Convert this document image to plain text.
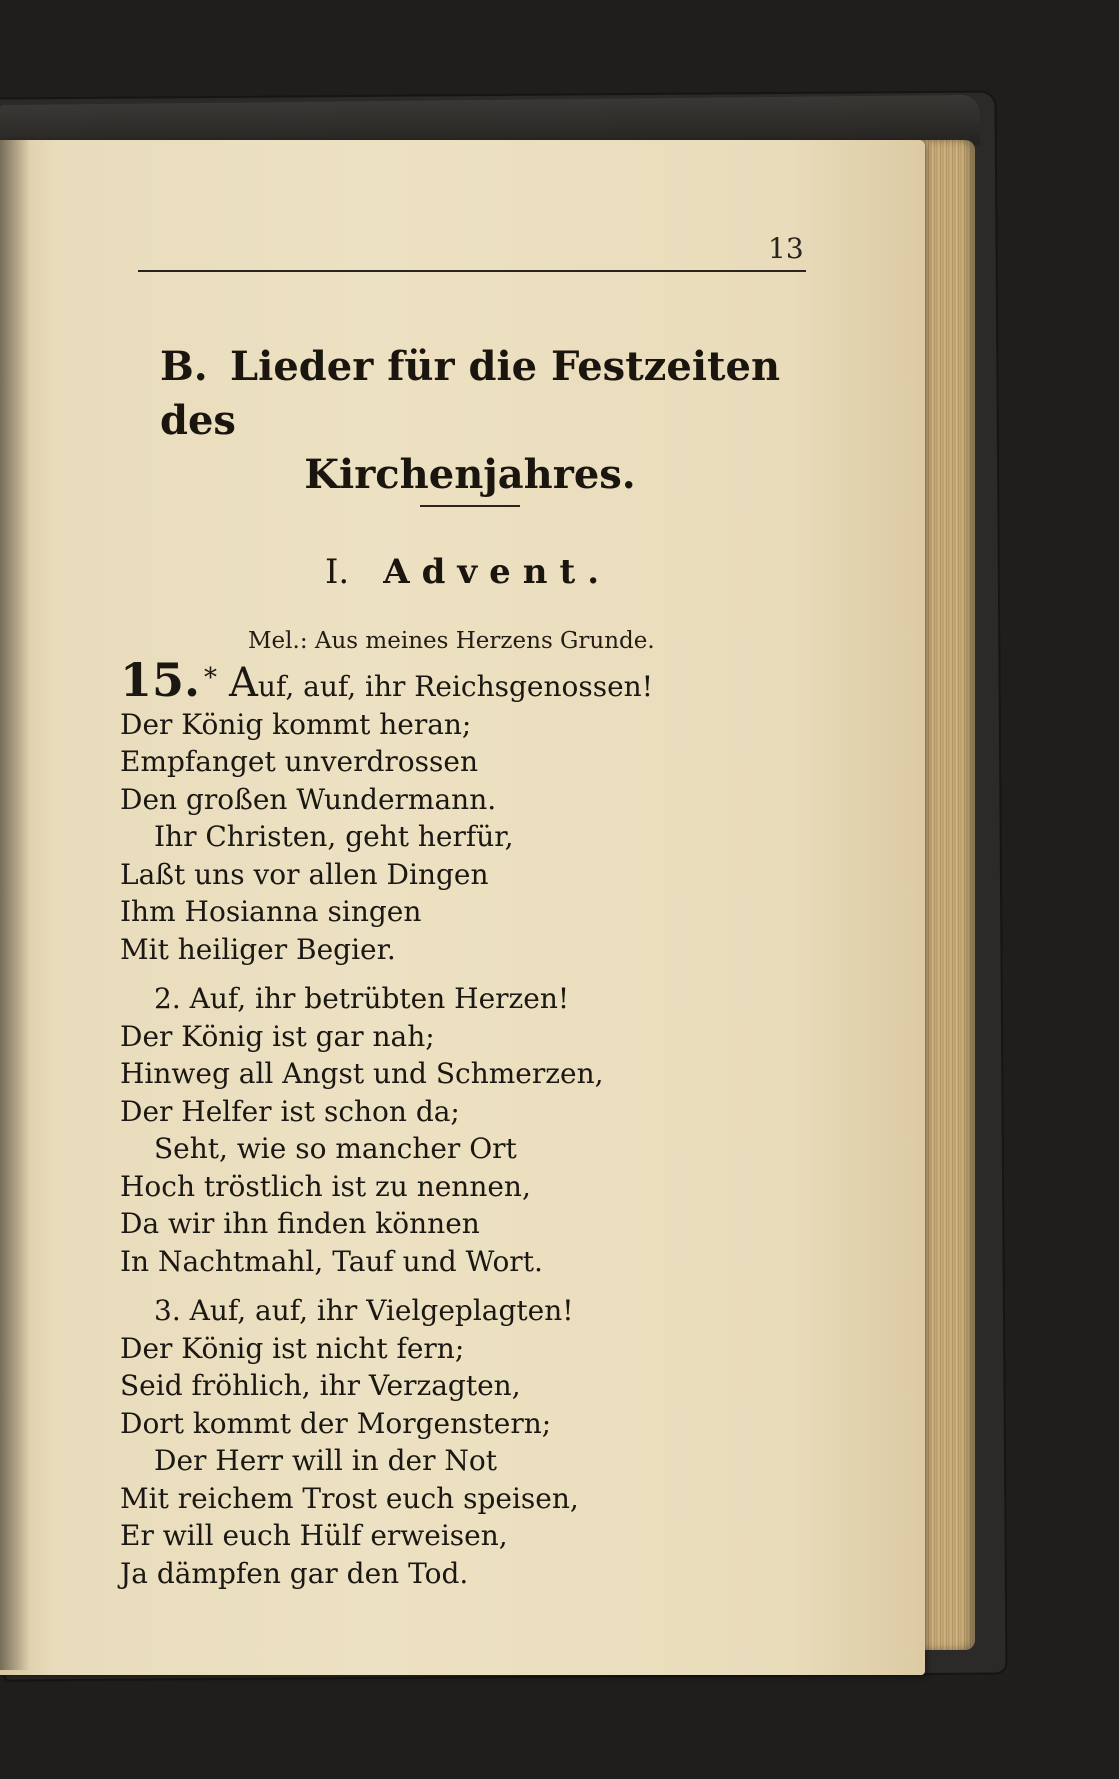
13
B. Lieder für die Festzeiten des
Kirchenjahres.
I. Advent.
Mel.: Aus meines Herzens Grunde.
15. * Auf, auf, ihr Reichsgenossen!
Der König kommt heran;
Empfanget unverdrossen
Den großen Wundermann.
Ihr Christen, geht herfür,
Laßt uns vor allen Dingen
Ihm Hosianna singen
Mit heiliger Begier.
2. Auf, ihr betrübten Herzen!
Der König ist gar nah;
Hinweg all Angst und Schmerzen,
Der Helfer ist schon da;
Seht, wie so mancher Ort
Hoch tröstlich ist zu nennen,
Da wir ihn finden können
In Nachtmahl, Tauf und Wort.
3. Auf, auf, ihr Vielgeplagten!
Der König ist nicht fern;
Seid fröhlich, ihr Verzagten,
Dort kommt der Morgenstern;
Der Herr will in der Not
Mit reichem Trost euch speisen,
Er will euch Hülf erweisen,
Ja dämpfen gar den Tod.
